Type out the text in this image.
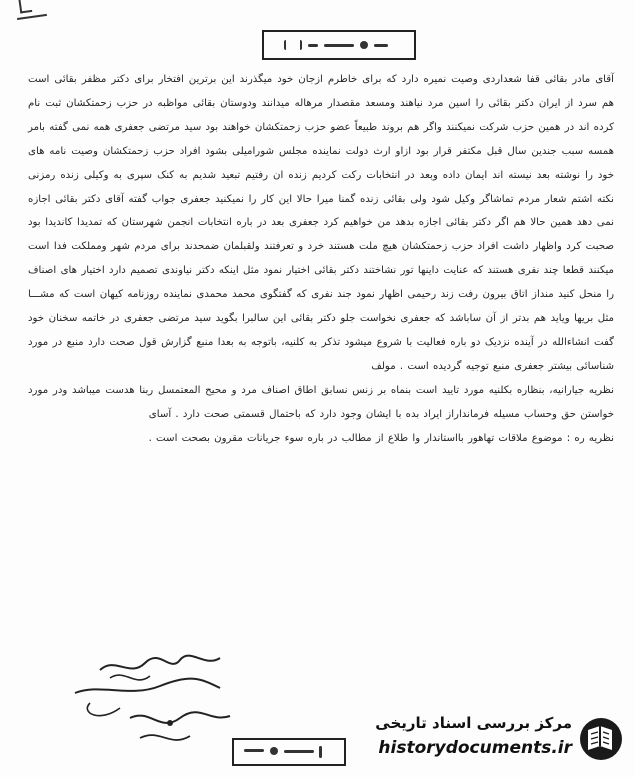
آقای مادر بقائی قفا شعداردی وصیت نمیره دارد که برای خاطرم ازجان خود میگذرند این برترین افتخار برای دکتر مظفر بقائی است هم سرد از ایران دکتر بقائی را اسین مرد نیاهند ومسعد مقصدار مرهاله میدانند ودوستان بقائی مواظبه در حزب زحمتکشان ثبت نام کرده اند در همین حزب شرکت نمیکنند واگر هم بروند طبیعاً عضو حزب زحمتکشان خواهند بود سید مرتضی جعفری همه نمی گفته بامر همسه سبب جندین سال قبل مکتفر قرار بود ازاو ارث دولت نماینده مجلس شورامیلی بشود افراد حزب زحمتکشان وصیت نامه های خود را نوشته بعد نیسته اند ایمان داده وبعد در انتخابات رکت کردیم زنده ان رفتیم تبعید شدیم به کنک سپری به وکیلی زنده رمزنی نکته اشتم شعار مردم تماشاگر وکیل شود ولی بقائی زنده گمنا میرا حالا این کار را نمیکنید جعفری جواب گفته آقای دکتر بقائی اجازه نمی دهد همین حالا هم اگر دکتر بقائی اجازه بدهد من خواهیم کرد جعفری بعد در باره انتخابات انجمن شهرستان که تمدیدا کاندیدا بود صحبت کرد واظهار داشت افراد حزب زحمتکشان هیچ ملت هستند خرد و تعرفتند ولقبلمان ضمحدند برای مردم شهر ومملکت فدا است میکنند قطعا چند نفری هستند که عنایت داینها تور نشاختند دکتر بقائی اختیار نمود مثل اینکه دکتر نیاوندی تصمیم دارد اختیار های اصناف را منحل کنید منداز اتاق بیرون رفت زند رحیمی اظهار نمود جند نفری که گفتگوی محمد محمدی نماینده روزنامه کیهان است که مشـــا مثل بریها ویاید هم بدتر از آن ساباشد که جعفری نخواست جلو دکتر بقائی این سالبرا بگوید سید مرتضی جعفری در خاتمه سخنان خود گفت انشاءالله در آینده نزدیک دو باره فعالیت با شروع میشود تذکر به کلنیه، باتوجه به بعدا منبع گزارش قول صحت دارد منبع در مورد شناسائی بیشتر جعفری منبع توجیه گردیده است . مولف

نظریه جیارانیه، بنظاره بکلنیه مورد تایید است بنماه بر زنس نسابق اطاق اصناف مرد و محیح المعتمسل ربنا هدست میباشد ودر مورد خواستن حق وحساب مسیله فرمانداراز ایراد بده با ایشان وجود دارد که باحتمال قسمتی صحت دارد . آسای

نظریه ره : موضوع ملاقات تهاهور بااستاندار وا طلاع از مطالب در باره سوء جریانات مقرون بصحت است .

مرکز بررسی اسناد تاریخی
historydocuments.ir
